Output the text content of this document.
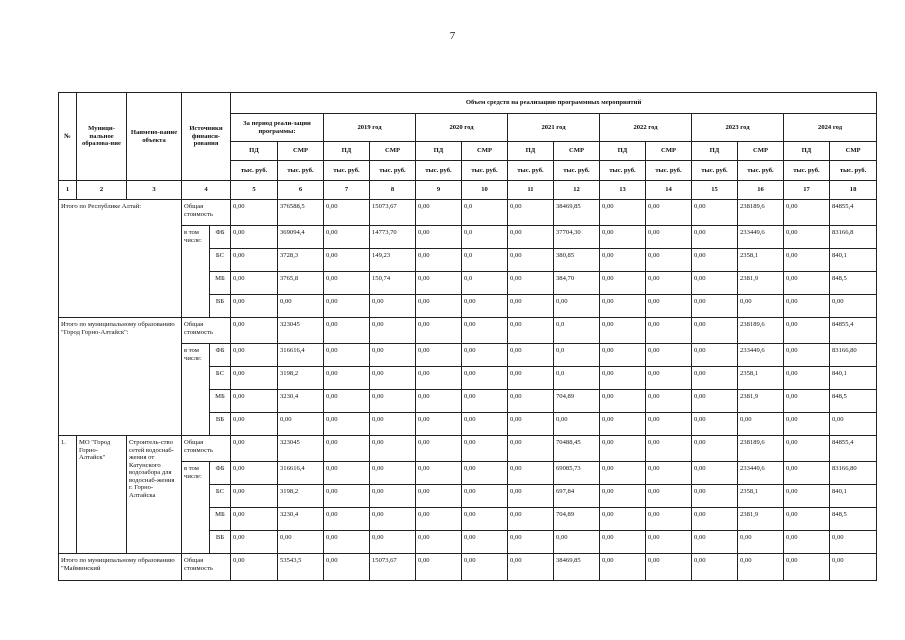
7
№	Муници-пальное образова-ние	Наимено-вание объекта	Источники финанси-рования		Объем средств на реализацию программных мероприятий													
					За период реали-зации программы:		2019 год		2020 год		2021 год		2022 год		2023 год		2024 год	
					ПД	СМР	ПД	СМР	ПД	СМР	ПД	СМР	ПД	СМР	ПД	СМР	ПД	СМР
					тыс. руб.	тыс. руб.	тыс. руб.	тыс. руб.	тыс. руб.	тыс. руб.	тыс. руб.	тыс. руб.	тыс. руб.	тыс. руб.	тыс. руб.	тыс. руб.	тыс. руб.	тыс. руб.
1	2	3	4		5	6	7	8	9	10	11	12	13	14	15	16	17	18
Итого по Республике Алтай:			Общая стоимость		0,00	376588,5	0,00	15073,67	0,00	0,0	0,00	38469,85	0,00	0,00	0,00	238189,6	0,00	84855,4
			в том числе:	ФБ	0,00	369094,4	0,00	14773,70	0,00	0,0	0,00	37704,30	0,00	0,00	0,00	233449,6	0,00	83166,8
				БС	0,00	3728,3	0,00	149,23	0,00	0,0	0,00	380,85	0,00	0,00	0,00	2358,1	0,00	840,1
				МБ	0,00	3765,8	0,00	150,74	0,00	0,0	0,00	384,70	0,00	0,00	0,00	2381,9	0,00	848,5
				ВБ	0,00	0,00	0,00	0,00	0,00	0,00	0,00	0,00	0,00	0,00	0,00	0,00	0,00	0,00
Итого по муниципальному образованию "Город Горно-Алтайск":			Общая стоимость		0,00	323045	0,00	0,00	0,00	0,00	0,00	0,0	0,00	0,00	0,00	238189,6	0,00	84855,4
			в том числе:	ФБ	0,00	316616,4	0,00	0,00	0,00	0,00	0,00	0,0	0,00	0,00	0,00	233449,6	0,00	83166,80
				БС	0,00	3198,2	0,00	0,00	0,00	0,00	0,00	0,0	0,00	0,00	0,00	2358,1	0,00	840,1
				МБ	0,00	3230,4	0,00	0,00	0,00	0,00	0,00	704,89	0,00	0,00	0,00	2381,9	0,00	848,5
				ВБ	0,00	0,00	0,00	0,00	0,00	0,00	0,00	0,00	0,00	0,00	0,00	0,00	0,00	0,00
1.	МО "Город Горно-Алтайск"	Строитель-ство сетей водоснаб-жения от Катунского водозабора для водоснаб-жения г. Горно-Алтайска	Общая стоимость		0,00	323045	0,00	0,00	0,00	0,00	0,00	70488,45	0,00	0,00	0,00	238189,6	0,00	84855,4
			в том числе:	ФБ	0,00	316616,4	0,00	0,00	0,00	0,00	0,00	69085,73	0,00	0,00	0,00	233449,6	0,00	83166,80
				БС	0,00	3198,2	0,00	0,00	0,00	0,00	0,00	697,84	0,00	0,00	0,00	2358,1	0,00	840,1
				МБ	0,00	3230,4	0,00	0,00	0,00	0,00	0,00	704,89	0,00	0,00	0,00	2381,9	0,00	848,5
				ВБ	0,00	0,00	0,00	0,00	0,00	0,00	0,00	0,00	0,00	0,00	0,00	0,00	0,00	0,00
Итого по муниципальному образованию "Майминский			Общая стоимость		0,00	53543,5	0,00	15073,67	0,00	0,00	0,00	38469,85	0,00	0,00	0,00	0,00	0,00	0,00
